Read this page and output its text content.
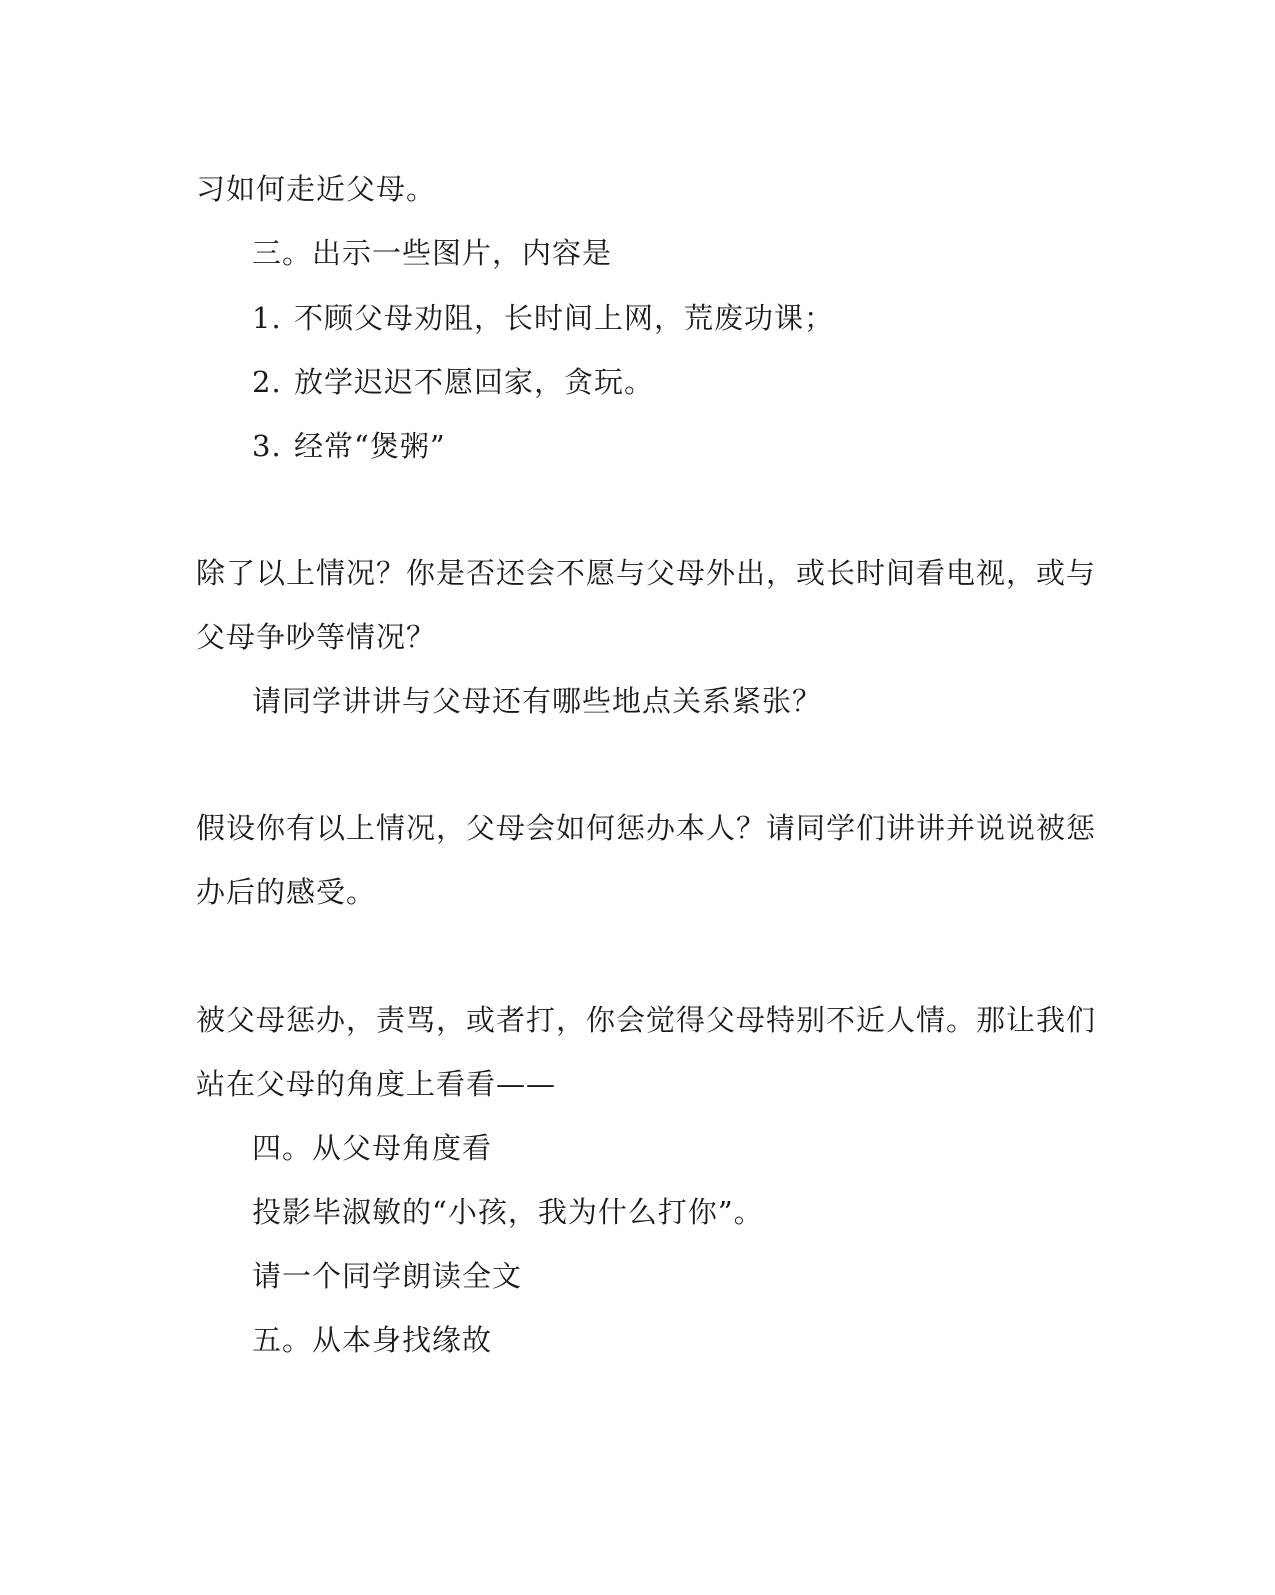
习如何走近父母。
三。出示一些图片，内容是
1. 不顾父母劝阻，长时间上网，荒废功课；
2. 放学迟迟不愿回家，贪玩。
3. 经常“煲粥”
除了以上情况？你是否还会不愿与父母外出，或长时间看电视，或与
父母争吵等情况？
请同学讲讲与父母还有哪些地点关系紧张？
假设你有以上情况，父母会如何惩办本人？请同学们讲讲并说说被惩
办后的感受。
被父母惩办，责骂，或者打，你会觉得父母特别不近人情。那让我们
站在父母的角度上看看——
四。从父母角度看
投影毕淑敏的“小孩，我为什么打你”。
请一个同学朗读全文
五。从本身找缘故
